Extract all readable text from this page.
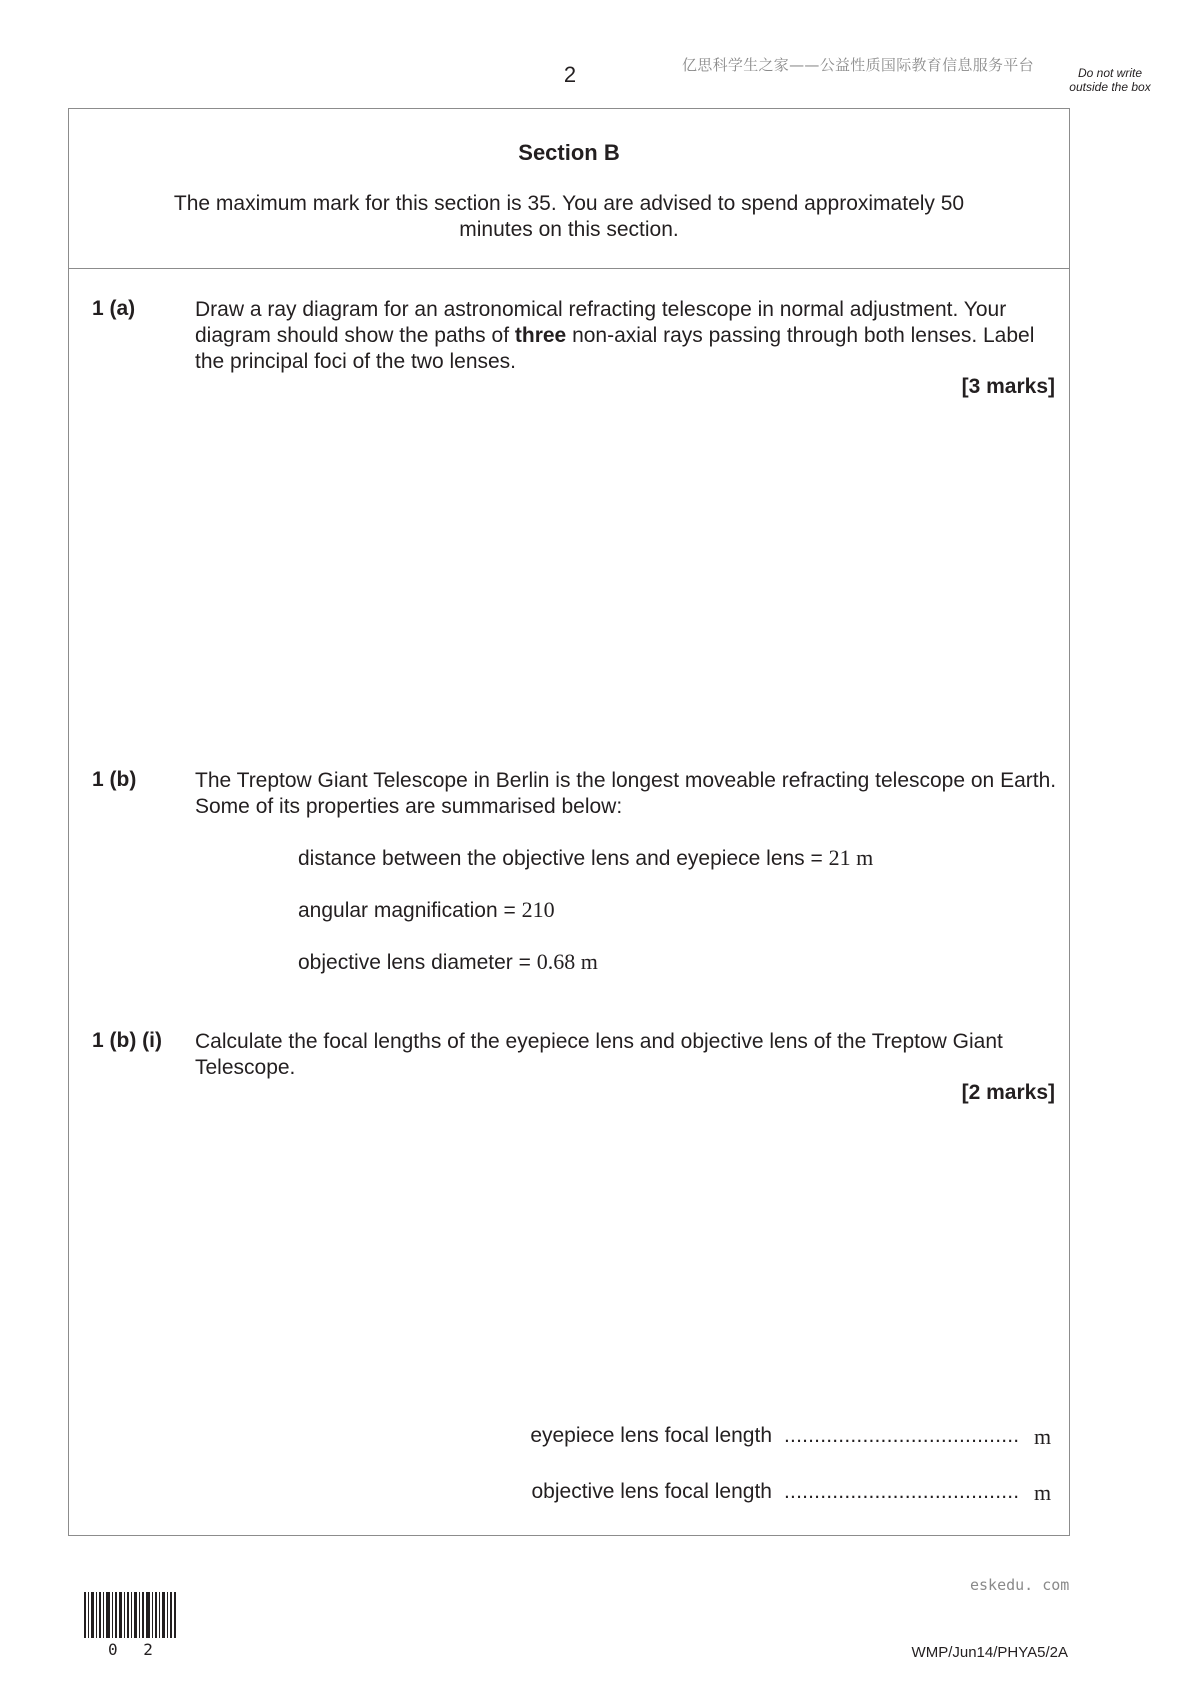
2	亿思科学生之家——公益性质国际教育信息服务平台	Do not write outside the box
Section B
The maximum mark for this section is 35. You are advised to spend approximately 50 minutes on this section.
1 (a)	Draw a ray diagram for an astronomical refracting telescope in normal adjustment. Your diagram should show the paths of three non-axial rays passing through both lenses. Label the principal foci of the two lenses.
[3 marks]
1 (b)	The Treptow Giant Telescope in Berlin is the longest moveable refracting telescope on Earth. Some of its properties are summarised below:
distance between the objective lens and eyepiece lens = 21 m
angular magnification = 210
objective lens diameter = 0.68 m
1 (b) (i) Calculate the focal lengths of the eyepiece lens and objective lens of the Treptow Giant Telescope.
[2 marks]
eyepiece lens focal length ....................................... m
objective lens focal length ....................................... m
eskedu. com
0 2	WMP/Jun14/PHYA5/2A
